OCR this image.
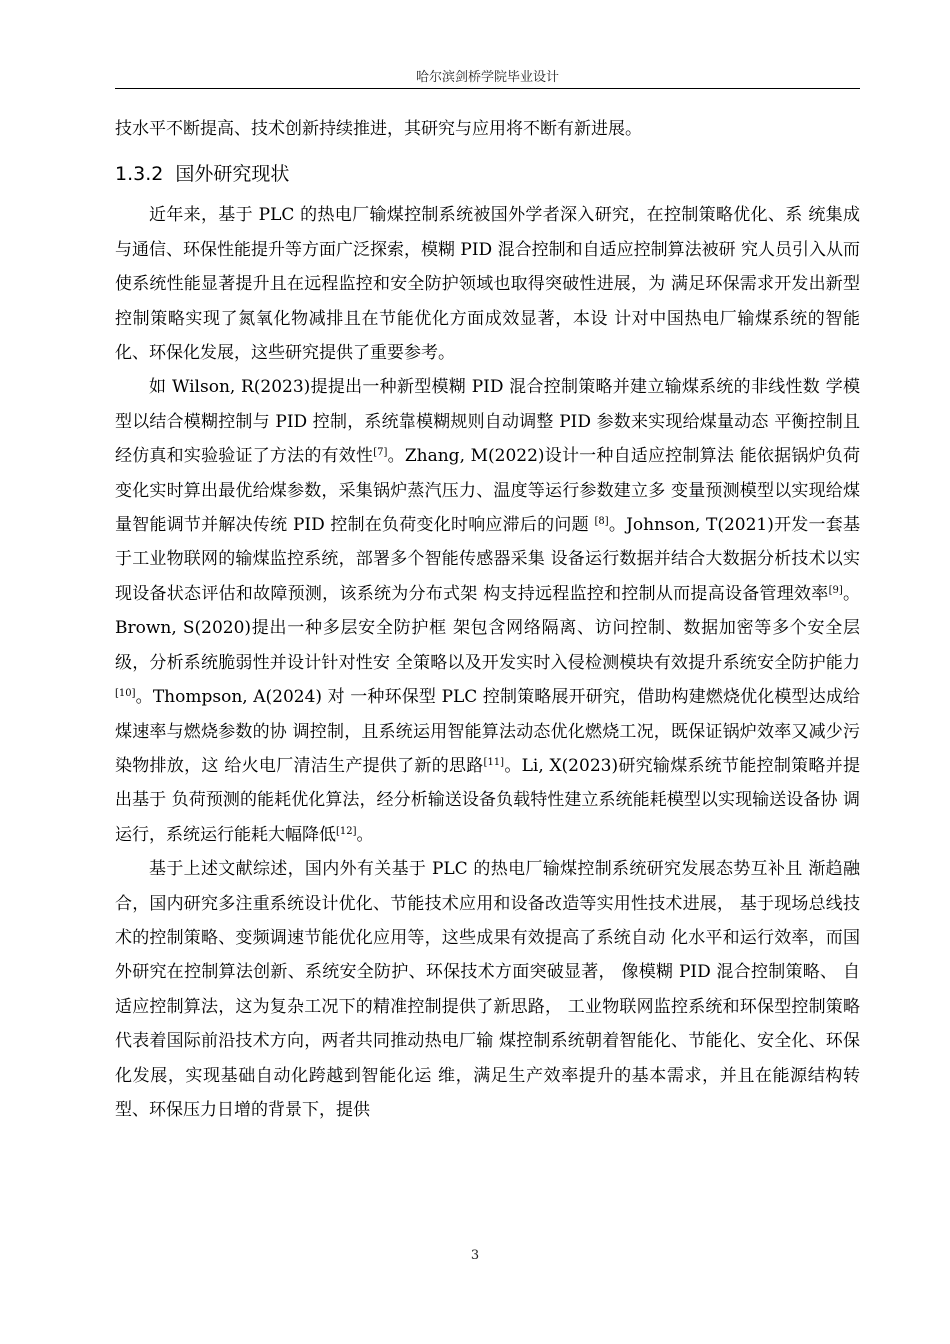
哈尔滨剑桥学院毕业设计

技水平不断提高、技术创新持续推进，其研究与应用将不断有新进展。

1.3.2 国外研究现状

近年来，基于 PLC 的热电厂输煤控制系统被国外学者深入研究，在控制策略优化、系 统集成与通信、环保性能提升等方面广泛探索，模糊 PID 混合控制和自适应控制算法被研 究人员引入从而使系统性能显著提升且在远程监控和安全防护领域也取得突破性进展，为 满足环保需求开发出新型控制策略实现了氮氧化物减排且在节能优化方面成效显著，本设 计对中国热电厂输煤系统的智能化、环保化发展，这些研究提供了重要参考。

如 Wilson, R(2023)提提出一种新型模糊 PID 混合控制策略并建立输煤系统的非线性数 学模型以结合模糊控制与 PID 控制，系统靠模糊规则自动调整 PID 参数来实现给煤量动态 平衡控制且经仿真和实验验证了方法的有效性[7]。Zhang, M(2022)设计一种自适应控制算法 能依据锅炉负荷变化实时算出最优给煤参数，采集锅炉蒸汽压力、温度等运行参数建立多 变量预测模型以实现给煤量智能调节并解决传统 PID 控制在负荷变化时响应滞后的问题 [8]。Johnson, T(2021)开发一套基于工业物联网的输煤监控系统，部署多个智能传感器采集 设备运行数据并结合大数据分析技术以实现设备状态评估和故障预测，该系统为分布式架 构支持远程监控和控制从而提高设备管理效率[9]。Brown, S(2020)提出一种多层安全防护框 架包含网络隔离、访问控制、数据加密等多个安全层级，分析系统脆弱性并设计针对性安 全策略以及开发实时入侵检测模块有效提升系统安全防护能力[10]。Thompson, A(2024) 对 一种环保型 PLC 控制策略展开研究，借助构建燃烧优化模型达成给煤速率与燃烧参数的协 调控制，且系统运用智能算法动态优化燃烧工况，既保证锅炉效率又减少污染物排放，这 给火电厂清洁生产提供了新的思路[11]。Li, X(2023)研究输煤系统节能控制策略并提出基于 负荷预测的能耗优化算法，经分析输送设备负载特性建立系统能耗模型以实现输送设备协 调运行，系统运行能耗大幅降低[12]。

基于上述文献综述，国内外有关基于 PLC 的热电厂输煤控制系统研究发展态势互补且 渐趋融合，国内研究多注重系统设计优化、节能技术应用和设备改造等实用性技术进展， 基于现场总线技术的控制策略、变频调速节能优化应用等，这些成果有效提高了系统自动 化水平和运行效率，而国外研究在控制算法创新、系统安全防护、环保技术方面突破显著， 像模糊 PID 混合控制策略、 自适应控制算法，这为复杂工况下的精准控制提供了新思路， 工业物联网监控系统和环保型控制策略代表着国际前沿技术方向，两者共同推动热电厂输 煤控制系统朝着智能化、节能化、安全化、环保化发展，实现基础自动化跨越到智能化运 维，满足生产效率提升的基本需求，并且在能源结构转型、环保压力日增的背景下，提供

3
